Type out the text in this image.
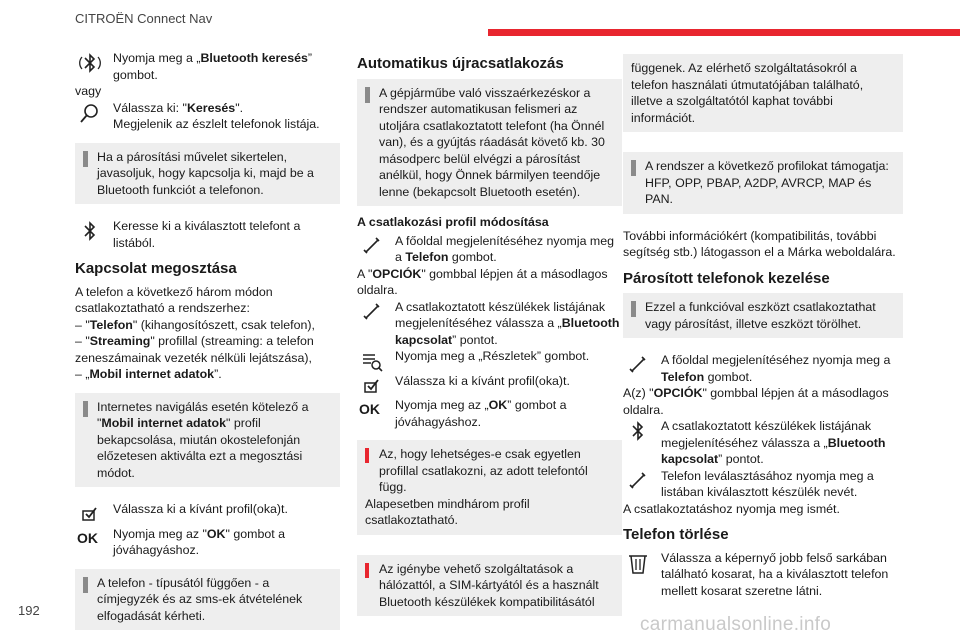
CITROËN Connect Nav

Nyomja meg a „Bluetooth keresés” gombot.

vagy

Válassza ki: "Keresés".
Megjelenik az észlelt telefonok listája.

Ha a párosítási művelet sikertelen, javasoljuk, hogy kapcsolja ki, majd be a Bluetooth funkciót a telefonon.

Keresse ki a kiválasztott telefont a listából.

Kapcsolat megosztása

A telefon a következő három módon csatlakoztatható a rendszerhez:

– "Telefon" (kihangosítószett, csak telefon),

– "Streaming" profillal (streaming: a telefon zeneszámainak vezeték nélküli lejátszása),

– „Mobil internet adatok”.

Internetes navigálás esetén kötelező a "Mobil internet adatok" profil bekapcsolása, miután okostelefonján előzetesen aktiválta ezt a megosztási módot.

Válassza ki a kívánt profil(oka)t.

OK Nyomja meg az "OK" gombot a jóváhagyáshoz.

A telefon - típusától függően - a címjegyzék és az sms-ek átvételének elfogadását kérheti.

Automatikus újracsatlakozás

A gépjárműbe való visszaérkezéskor a rendszer automatikusan felismeri az utoljára csatlakoztatott telefont (ha Önnél van), és a gyújtás ráadását követő kb. 30 másodperc belül elvégzi a párosítást anélkül, hogy Önnek bármilyen teendője lenne (bekapcsolt Bluetooth esetén).

A csatlakozási profil módosítása

A főoldal megjelenítéséhez nyomja meg a Telefon gombot.

A "OPCIÓK" gombbal lépjen át a másodlagos oldalra.

A csatlakoztatott készülékek listájának megjelenítéséhez válassza a „Bluetooth kapcsolat” pontot.

Nyomja meg a „Részletek” gombot.

Válassza ki a kívánt profil(oka)t.

OK Nyomja meg az „OK” gombot a jóváhagyáshoz.

Az, hogy lehetséges-e csak egyetlen profillal csatlakozni, az adott telefontól függ.

Alapesetben mindhárom profil csatlakoztatható.

Az igénybe vehető szolgáltatások a hálózattól, a SIM-kártyától és a használt Bluetooth készülékek kompatibilitásától

függenek. Az elérhető szolgáltatásokról a telefon használati útmutatójában található, illetve a szolgáltatótól kaphat további információt.

A rendszer a következő profilokat támogatja: HFP, OPP, PBAP, A2DP, AVRCP, MAP és PAN.

További információkért (kompatibilitás, további segítség stb.) látogasson el a Márka weboldalára.

Párosított telefonok kezelése

Ezzel a funkcióval eszközt csatlakoztathat vagy párosítást, illetve eszközt törölhet.

A főoldal megjelenítéséhez nyomja meg a Telefon gombot.

A(z) "OPCIÓK" gombbal lépjen át a másodlagos oldalra.

A csatlakoztatott készülékek listájának megjelenítéséhez válassza a „Bluetooth kapcsolat” pontot.

Telefon leválasztásához nyomja meg a listában kiválasztott készülék nevét.

A csatlakoztatáshoz nyomja meg ismét.

Telefon törlése

Válassza a képernyő jobb felső sarkában található kosarat, ha a kiválasztott telefon mellett kosarat szeretne látni.

192
carmanualsonline.info
